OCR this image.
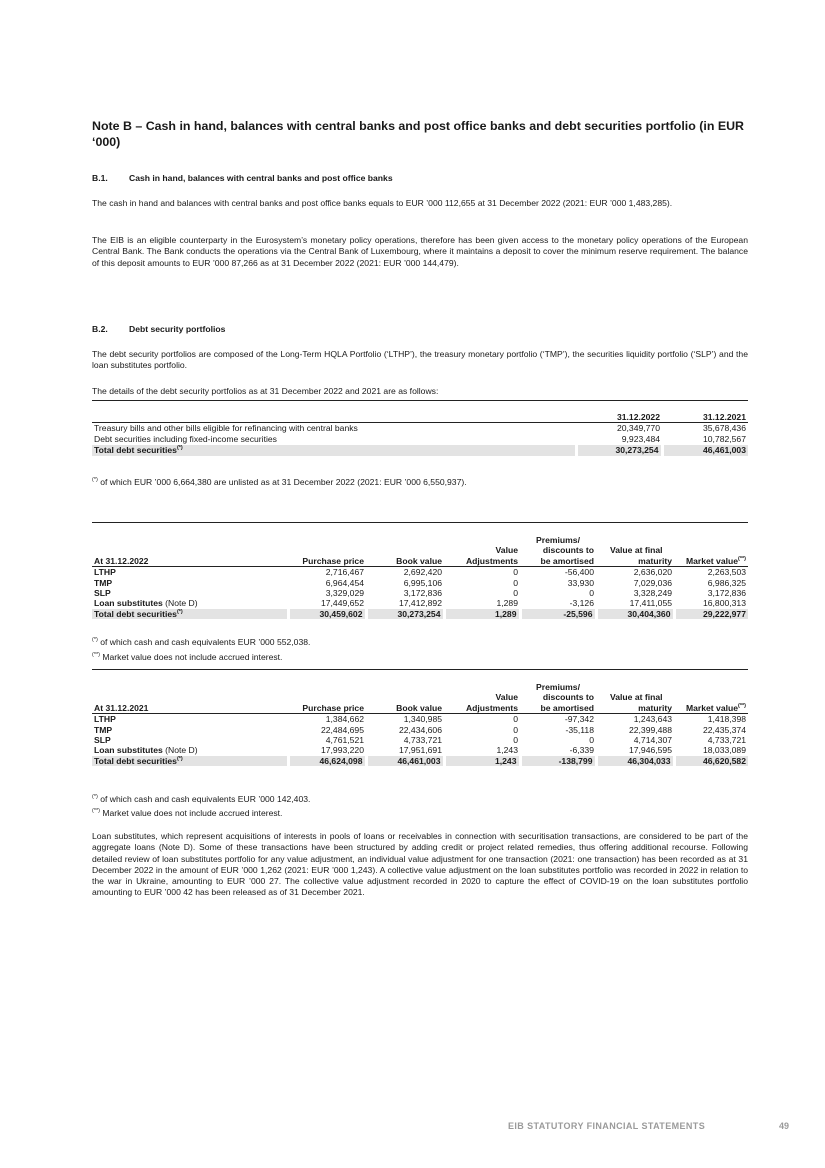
Note B – Cash in hand, balances with central banks and post office banks and debt securities portfolio (in EUR ‘000)
B.1. Cash in hand, balances with central banks and post office banks

The cash in hand and balances with central banks and post office banks equals to EUR ’000 112,655 at 31 December 2022 (2021: EUR ’000 1,483,285).

The EIB is an eligible counterparty in the Eurosystem’s monetary policy operations, therefore has been given access to the monetary policy operations of the European Central Bank. The Bank conducts the operations via the Central Bank of Luxembourg, where it maintains a deposit to cover the minimum reserve requirement. The balance of this deposit amounts to EUR ’000 87,266 as at 31 December 2022 (2021: EUR ’000 144,479).

B.2. Debt security portfolios

The debt security portfolios are composed of the Long-Term HQLA Portfolio (‘LTHP’), the treasury monetary portfolio (‘TMP’), the securities liquidity portfolio (‘SLP’) and the loan substitutes portfolio.

The details of the debt security portfolios as at 31 December 2022 and 2021 are as follows:

	31.12.2022	31.12.2021
Treasury bills and other bills eligible for refinancing with central banks	20,349,770	35,678,436
Debt securities including fixed-income securities	9,923,484	10,782,567
Total debt securities(*)	30,273,254	46,461,003
(*) of which EUR ’000 6,664,380 are unlisted as at 31 December 2022 (2021: EUR ’000 6,550,937).

				Premiums/		
			Value	discounts to	Value at final	
At 31.12.2022	Purchase price	Book value	Adjustments	be amortised	maturity	Market value(**)
LTHP	2,716,467	2,692,420	0	-56,400	2,636,020	2,263,503
TMP	6,964,454	6,995,106	0	33,930	7,029,036	6,986,325
SLP	3,329,029	3,172,836	0	0	3,328,249	3,172,836
Loan substitutes (Note D)	17,449,652	17,412,892	1,289	-3,126	17,411,055	16,800,313
Total debt securities(*)	30,459,602	30,273,254	1,289	-25,596	30,404,360	29,222,977
(*) of which cash and cash equivalents EUR ’000 552,038.
(**) Market value does not include accrued interest.

				Premiums/		
			Value	discounts to	Value at final	
At 31.12.2021	Purchase price	Book value	Adjustments	be amortised	maturity	Market value(**)
LTHP	1,384,662	1,340,985	0	-97,342	1,243,643	1,418,398
TMP	22,484,695	22,434,606	0	-35,118	22,399,488	22,435,374
SLP	4,761,521	4,733,721	0	0	4,714,307	4,733,721
Loan substitutes (Note D)	17,993,220	17,951,691	1,243	-6,339	17,946,595	18,033,089
Total debt securities(*)	46,624,098	46,461,003	1,243	-138,799	46,304,033	46,620,582
(*) of which cash and cash equivalents EUR ’000 142,403.
(**) Market value does not include accrued interest.

Loan substitutes, which represent acquisitions of interests in pools of loans or receivables in connection with securitisation transactions, are considered to be part of the aggregate loans (Note D). Some of these transactions have been structured by adding credit or project related remedies, thus offering additional recourse. Following detailed review of loan substitutes portfolio for any value adjustment, an individual value adjustment for one transaction (2021: one transaction) has been recorded as at 31 December 2022 in the amount of EUR ’000 1,262 (2021: EUR ’000 1,243). A collective value adjustment on the loan substitutes portfolio was recorded in 2022 in relation to the war in Ukraine, amounting to EUR ’000 27. The collective value adjustment recorded in 2020 to capture the effect of COVID-19 on the loan substitutes portfolio amounting to EUR ’000 42 has been released as of 31 December 2021.

EIB STATUTORY FINANCIAL STATEMENTS	49
